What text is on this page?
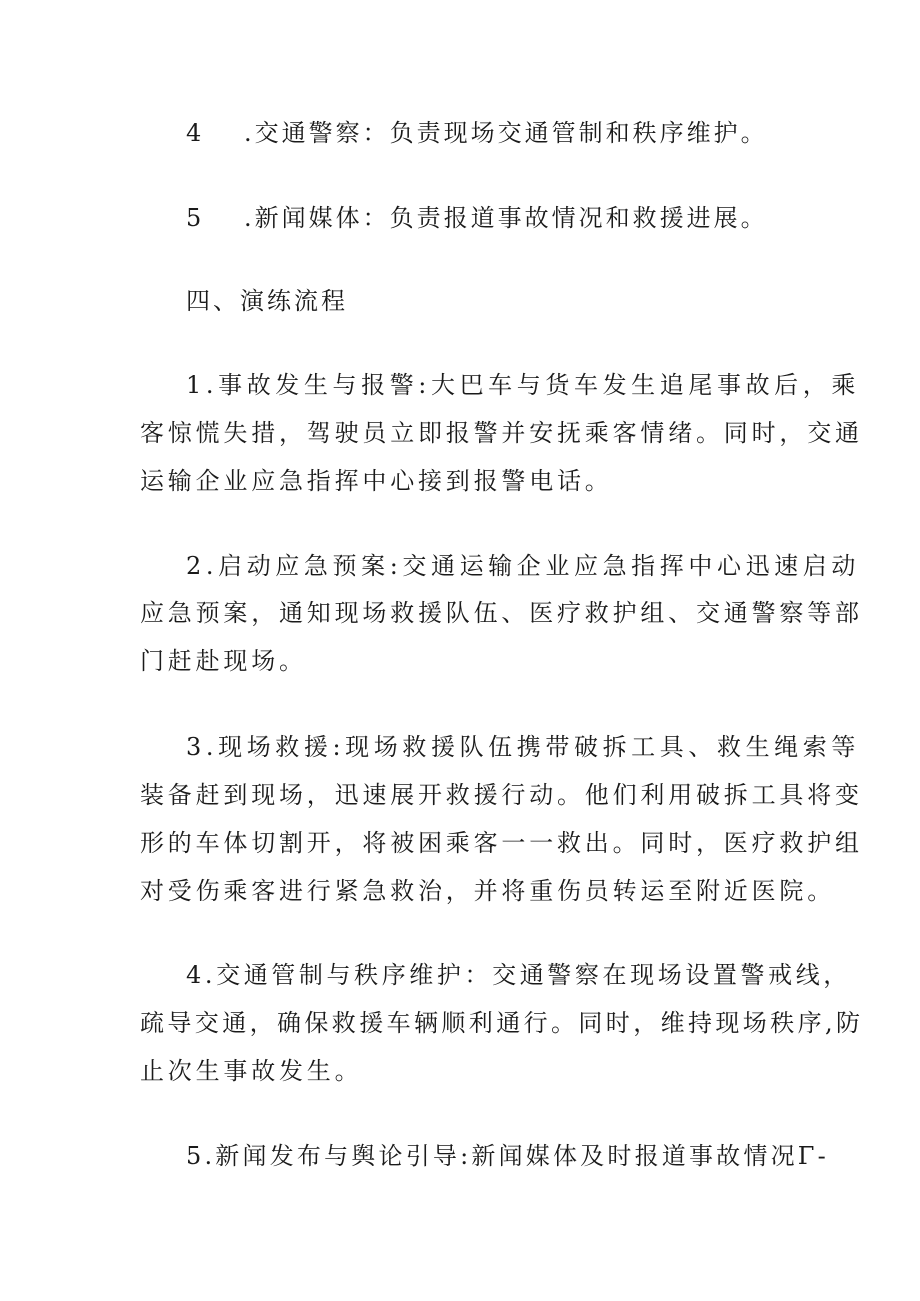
4 .交通警察：负责现场交通管制和秩序维护。
5 .新闻媒体：负责报道事故情况和救援进展。
四、演练流程
1.事故发生与报警:大巴车与货车发生追尾事故后，乘
客惊慌失措，驾驶员立即报警并安抚乘客情绪。同时，交通
运输企业应急指挥中心接到报警电话。
2.启动应急预案:交通运输企业应急指挥中心迅速启动
应急预案，通知现场救援队伍、医疗救护组、交通警察等部
门赶赴现场。
3.现场救援:现场救援队伍携带破拆工具、救生绳索等
装备赶到现场，迅速展开救援行动。他们利用破拆工具将变
形的车体切割开，将被困乘客一一救出。同时，医疗救护组
对受伤乘客进行紧急救治，并将重伤员转运至附近医院。
4.交通管制与秩序维护：交通警察在现场设置警戒线，
疏导交通，确保救援车辆顺利通行。同时，维持现场秩序,防
止次生事故发生。
5.新闻发布与舆论引导:新闻媒体及时报道事故情况Γ-
